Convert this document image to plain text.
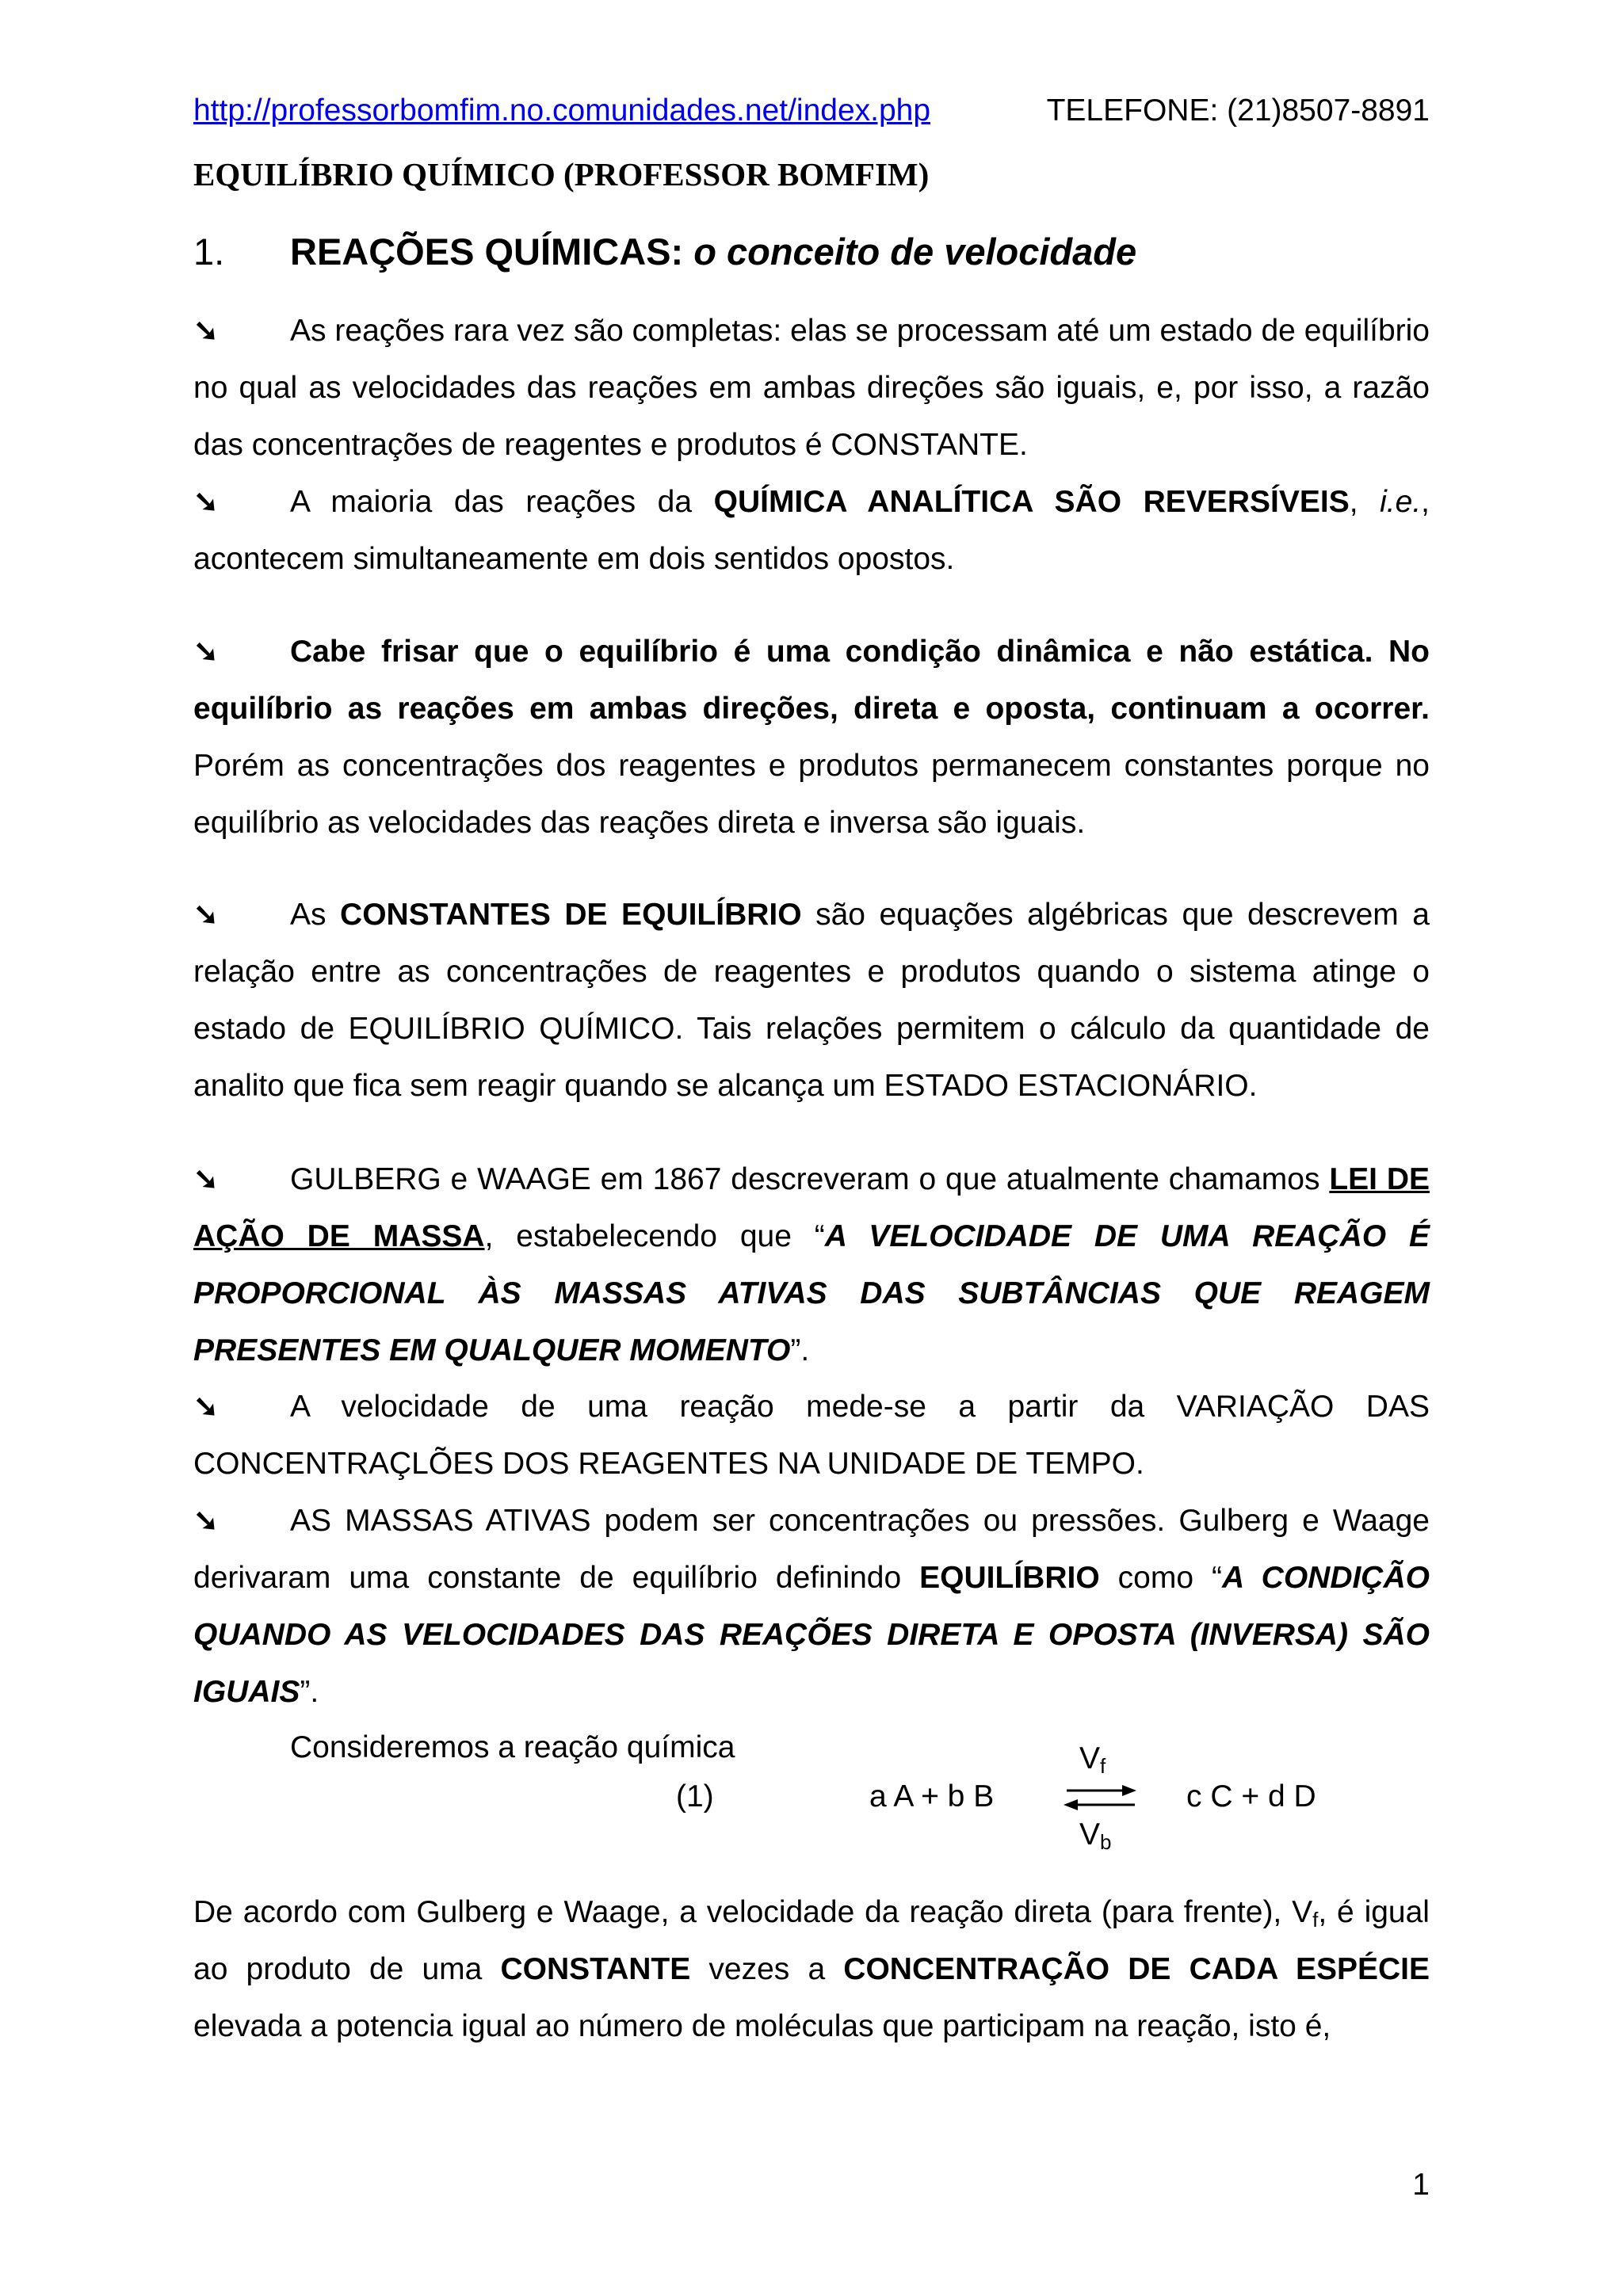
http://professorbomfim.no.comunidades.net/index.php	TELEFONE: (21)8507-8891
EQUILÍBRIO QUÍMICO (PROFESSOR BOMFIM)
1. REAÇÕES QUÍMICAS: o conceito de velocidade
➘ As reações rara vez são completas: elas se processam até um estado de equilíbrio no qual as velocidades das reações em ambas direções são iguais, e, por isso, a razão das concentrações de reagentes e produtos é CONSTANTE.
➘ A maioria das reações da QUÍMICA ANALÍTICA SÃO REVERSÍVEIS, i.e., acontecem simultaneamente em dois sentidos opostos.
➘ Cabe frisar que o equilíbrio é uma condição dinâmica e não estática. No equilíbrio as reações em ambas direções, direta e oposta, continuam a ocorrer. Porém as concentrações dos reagentes e produtos permanecem constantes porque no equilíbrio as velocidades das reações direta e inversa são iguais.
➘ As CONSTANTES DE EQUILÍBRIO são equações algébricas que descrevem a relação entre as concentrações de reagentes e produtos quando o sistema atinge o estado de EQUILÍBRIO QUÍMICO. Tais relações permitem o cálculo da quantidade de analito que fica sem reagir quando se alcança um ESTADO ESTACIONÁRIO.
➘ GULBERG e WAAGE em 1867 descreveram o que atualmente chamamos LEI DE AÇÃO DE MASSA, estabelecendo que “A VELOCIDADE DE UMA REAÇÃO É PROPORCIONAL ÀS MASSAS ATIVAS DAS SUBTÂNCIAS QUE REAGEM PRESENTES EM QUALQUER MOMENTO”.
➘ A velocidade de uma reação mede-se a partir da VARIAÇÃO DAS CONCENTRAÇLÕES DOS REAGENTES NA UNIDADE DE TEMPO.
➘ AS MASSAS ATIVAS podem ser concentrações ou pressões. Gulberg e Waage derivaram uma constante de equilíbrio definindo EQUILÍBRIO como “A CONDIÇÃO QUANDO AS VELOCIDADES DAS REAÇÕES DIRETA E OPOSTA (INVERSA) SÃO IGUAIS”.
Consideremos a reação química
(1)	a A + b B
$V_f$
c C + d D
$V_b$
De acordo com Gulberg e Waage, a velocidade da reação direta (para frente), $V_f$, é igual ao produto de uma CONSTANTE vezes a CONCENTRAÇÃO DE CADA ESPÉCIE elevada a potencia igual ao número de moléculas que participam na reação, isto é,
1
